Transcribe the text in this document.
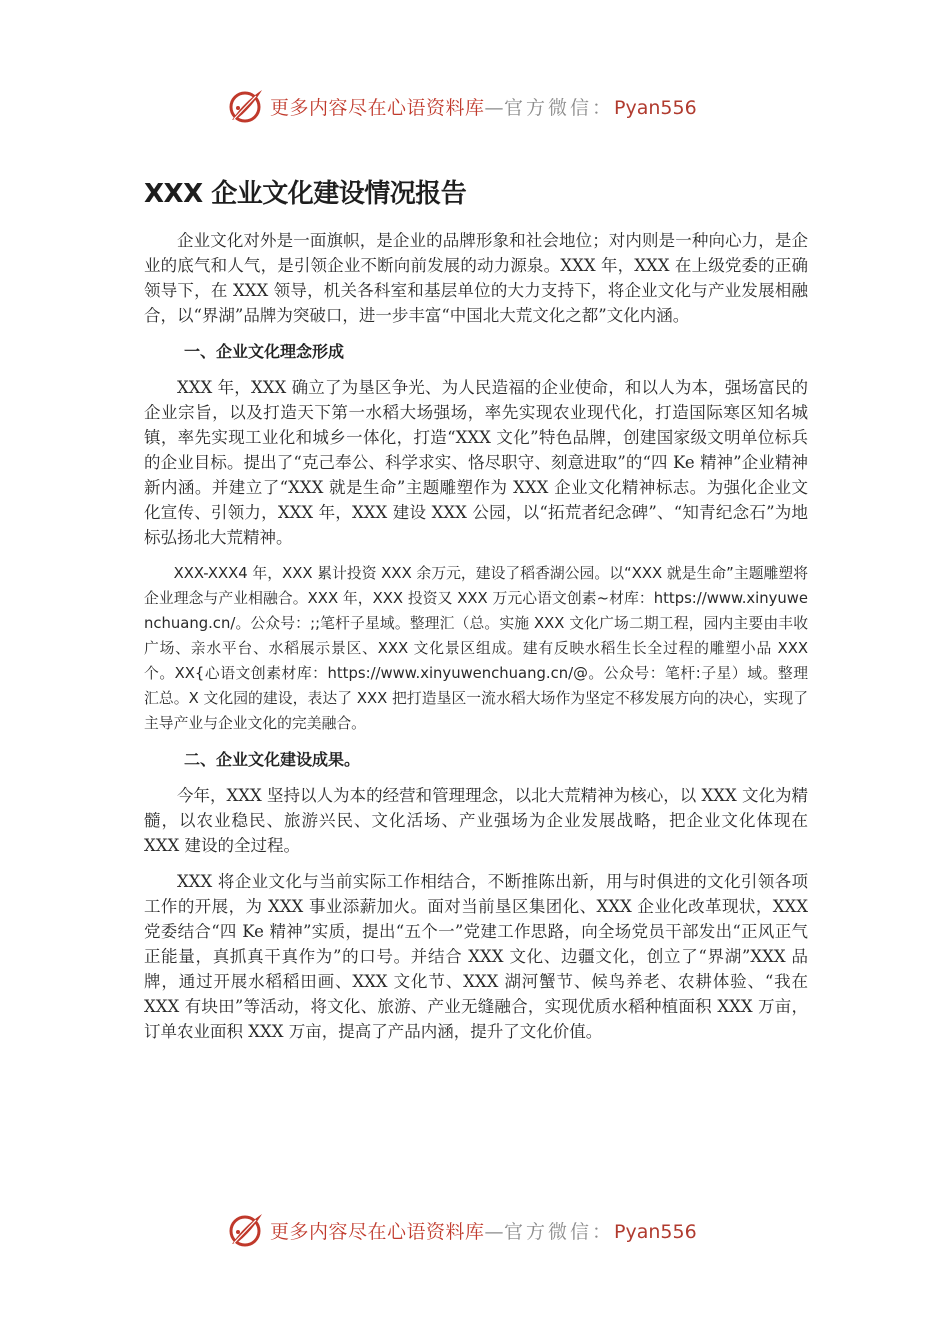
更多内容尽在心语资料库—官方微信：Pyan556
XXX 企业文化建设情况报告

企业文化对外是一面旗帜，是企业的品牌形象和社会地位；对内则是一种向心力，是企业的底气和人气，是引领企业不断向前发展的动力源泉。XXX 年，XXX 在上级党委的正确领导下，在 XXX 领导，机关各科室和基层单位的大力支持下，将企业文化与产业发展相融合，以“界湖”品牌为突破口，进一步丰富“中国北大荒文化之都”文化内涵。

一、企业文化理念形成

XXX 年，XXX 确立了为垦区争光、为人民造福的企业使命，和以人为本，强场富民的企业宗旨，以及打造天下第一水稻大场强场，率先实现农业现代化，打造国际寒区知名城镇，率先实现工业化和城乡一体化，打造“XXX 文化”特色品牌，创建国家级文明单位标兵的企业目标。提出了“克己奉公、科学求实、恪尽职守、刻意进取”的“四 Ke 精神”企业精神新内涵。并建立了“XXX 就是生命”主题雕塑作为 XXX 企业文化精神标志。为强化企业文化宣传、引领力，XXX 年，XXX 建设 XXX 公园，以“拓荒者纪念碑”、“知青纪念石”为地标弘扬北大荒精神。

XXX-XXX4 年，XXX 累计投资 XXX 余万元，建设了稻香湖公园。以“XXX 就是生命”主题雕塑将企业理念与产业相融合。XXX 年，XXX 投资又 XXX 万元心语文创素~材库：https://www.xinyuwenchuang.cn/。公众号：;;笔杆子星域。整理汇（总。实施 XXX 文化广场二期工程，园内主要由丰收广场、亲水平台、水稻展示景区、XXX 文化景区组成。建有反映水稻生长全过程的雕塑小品 XXX 个。XX{心语文创素材库：https://www.xinyuwenchuang.cn/@。公众号：笔杆:子星）域。整理汇总。X 文化园的建设，表达了 XXX 把打造垦区一流水稻大场作为坚定不移发展方向的决心，实现了主导产业与企业文化的完美融合。

二、企业文化建设成果。

今年，XXX 坚持以人为本的经营和管理理念，以北大荒精神为核心，以 XXX 文化为精髓，以农业稳民、旅游兴民、文化活场、产业强场为企业发展战略，把企业文化体现在 XXX 建设的全过程。

XXX 将企业文化与当前实际工作相结合，不断推陈出新，用与时俱进的文化引领各项工作的开展，为 XXX 事业添薪加火。面对当前垦区集团化、XXX 企业化改革现状，XXX 党委结合“四 Ke 精神”实质，提出“五个一”党建工作思路，向全场党员干部发出“正风正气正能量，真抓真干真作为”的口号。并结合 XXX 文化、边疆文化，创立了“界湖”XXX 品牌，通过开展水稻稻田画、XXX 文化节、XXX 湖河蟹节、候鸟养老、农耕体验、“我在 XXX 有块田”等活动，将文化、旅游、产业无缝融合，实现优质水稻种植面积 XXX 万亩，订单农业面积 XXX 万亩，提高了产品内涵，提升了文化价值。

更多内容尽在心语资料库—官方微信：Pyan556
